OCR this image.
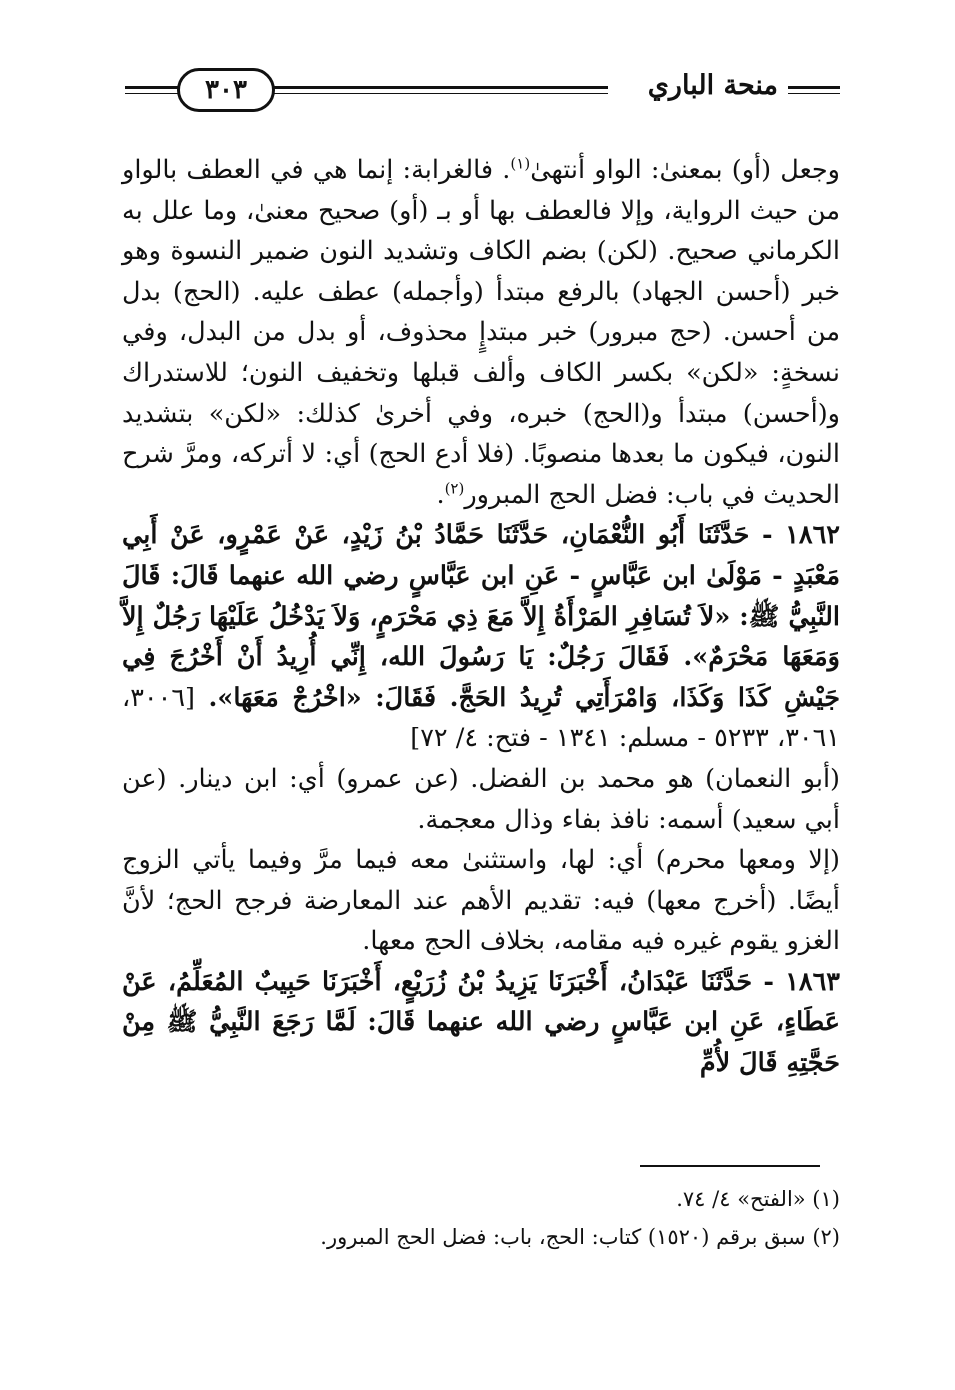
منحة الباري
٣٠٣

وجعل (أو) بمعنىٰ: الواو أنتهىٰ$^{(١)}$. فالغرابة: إنما هي في العطف بالواو من حيث الرواية، وإلا فالعطف بها أو بـ (أو) صحيح معنىٰ، وما علل به الكرماني صحيح. (لكن) بضم الكاف وتشديد النون ضمير النسوة وهو خبر (أحسن الجهاد) بالرفع مبتدأ (وأجمله) عطف عليه. (الحج) بدل من أحسن. (حج مبرور) خبر مبتدإٍ محذوف، أو بدل من البدل، وفي نسخةٍ: «لكن» بكسر الكاف وألف قبلها وتخفيف النون؛ للاستدراك و(أحسن) مبتدأ و(الحج) خبره، وفي أخرىٰ كذلك: «لكن» بتشديد النون، فيكون ما بعدها منصوبًا. (فلا أدع الحج) أي: لا أتركه، ومرَّ شرح الحديث في باب: فضل الحج المبرور$^{(٢)}$.

١٨٦٢ - حَدَّثَنَا أَبُو النُّعْمَانِ، حَدَّثَنَا حَمَّادُ بْنُ زَيْدٍ، عَنْ عَمْرٍو، عَنْ أَبِي مَعْبَدٍ - مَوْلَىٰ ابن عَبَّاسٍ - عَنِ ابن عَبَّاسٍ رضي الله عنهما قَالَ: قَالَ النَّبِيُّ ﷺ: «لاَ تُسَافِرِ المَرْأَةُ إِلاَّ مَعَ ذِي مَحْرَمٍ، وَلاَ يَدْخُلُ عَلَيْهَا رَجُلٌ إِلاَّ وَمَعَهَا مَحْرَمٌ». فَقَالَ رَجُلٌ: يَا رَسُولَ الله، إِنِّي أُرِيدُ أَنْ أَخْرُجَ فِي جَيْشِ كَذَا وَكَذَا، وَامْرَأَتِي تُرِيدُ الحَجَّ. فَقَالَ: «اخْرُجْ مَعَهَا». [٣٠٠٦، ٣٠٦١، ٥٢٣٣ - مسلم: ١٣٤١ - فتح: ٤/ ٧٢]

(أبو النعمان) هو محمد بن الفضل. (عن عمرو) أي: ابن دينار. (عن أبي سعيد) أسمه: نافذ بفاء وذال معجمة.

(إلا ومعها محرم) أي: لها، واستثنىٰ معه فيما مرَّ وفيما يأتي الزوج أيضًا. (أخرج معها) فيه: تقديم الأهم عند المعارضة فرجح الحج؛ لأنَّ الغزو يقوم غيره فيه مقامه، بخلاف الحج معها.

١٨٦٣ - حَدَّثَنَا عَبْدَانُ، أَخْبَرَنَا يَزِيدُ بْنُ زُرَيْعٍ، أَخْبَرَنَا حَبِيبٌ المُعَلِّمُ، عَنْ عَطَاءٍ، عَنِ ابن عَبَّاسٍ رضي الله عنهما قَالَ: لَمَّا رَجَعَ النَّبِيُّ ﷺ مِنْ حَجَّتِهِ قَالَ لأُمِّ

(١) «الفتح» ٤/ ٧٤.

(٢) سبق برقم (١٥٢٠) كتاب: الحج، باب: فضل الحج المبرور.
